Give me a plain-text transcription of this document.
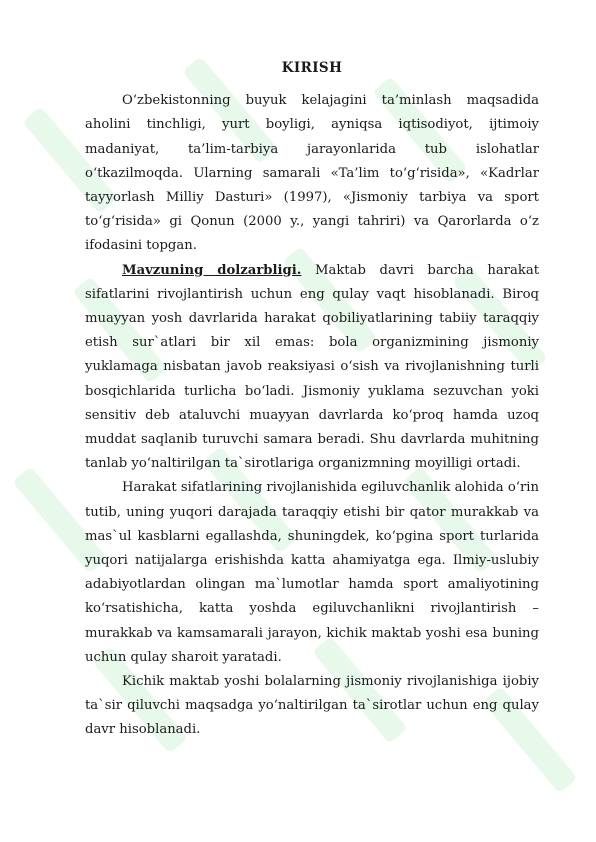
KIRISH

O‘zbekistonning buyuk kelajagini ta’minlash maqsadida aholini tinchligi, yurt boyligi, ayniqsa iqtisodiyot, ijtimoiy madaniyat, ta’lim-tarbiya jarayonlarida tub islohatlar o‘tkazilmoqda. Ularning samarali «Ta’lim to‘g‘risida», «Kadrlar tayyorlash Milliy Dasturi» (1997), «Jismoniy tarbiya va sport to‘g‘risida» gi Qonun (2000 y., yangi tahriri) va Qarorlarda o‘z ifodasini topgan.

Mavzuning dolzarbligi. Maktab davri barcha harakat sifatlarini rivojlantirish uchun eng qulay vaqt hisoblanadi. Biroq muayyan yosh davrlarida harakat qobiliyatlarining tabiiy taraqqiy etish sur`atlari bir xil emas: bola organizmining jismoniy yuklamaga nisbatan javob reaksiyasi o‘sish va rivojlanishning turli bosqichlarida turlicha bo‘ladi. Jismoniy yuklama sezuvchan yoki sensitiv deb ataluvchi muayyan davrlarda ko‘proq hamda uzoq muddat saqlanib turuvchi samara beradi. Shu davrlarda muhitning tanlab yo‘naltirilgan ta`sirotlariga organizmning moyilligi ortadi.

Harakat sifatlarining rivojlanishida egiluvchanlik alohida o‘rin tutib, uning yuqori darajada taraqqiy etishi bir qator murakkab va mas`ul kasblarni egallashda, shuningdek, ko‘pgina sport turlarida yuqori natijalarga erishishda katta ahamiyatga ega. Ilmiy-uslubiy adabiyotlardan olingan ma`lumotlar hamda sport amaliyotining ko‘rsatishicha, katta yoshda egiluvchanlikni rivojlantirish – murakkab va kamsamarali jarayon, kichik maktab yoshi esa buning uchun qulay sharoit yaratadi.

Kichik maktab yoshi bolalarning jismoniy rivojlanishiga ijobiy ta`sir qiluvchi maqsadga yo‘naltirilgan ta`sirotlar uchun eng qulay davr hisoblanadi.
